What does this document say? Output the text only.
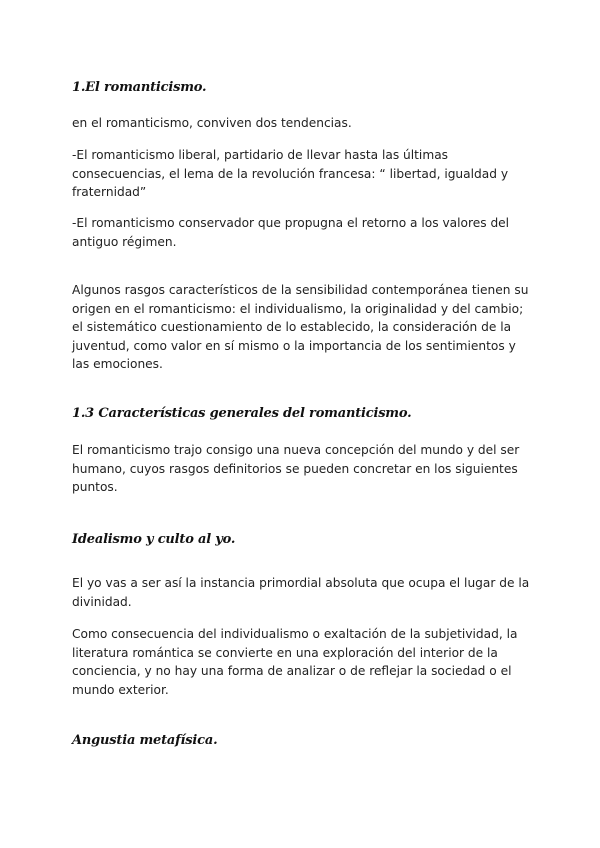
1.El romanticismo.

en el romanticismo, conviven dos tendencias.

-El romanticismo liberal, partidario de llevar hasta las últimas consecuencias, el lema de la revolución francesa: “ libertad, igualdad y fraternidad”

-El romanticismo conservador que propugna el retorno a los valores del antiguo régimen.

Algunos rasgos característicos de la sensibilidad contemporánea tienen su origen en el romanticismo: el individualismo, la originalidad y del cambio; el sistemático cuestionamiento de lo establecido, la consideración de la juventud, como valor en sí mismo o la importancia de los sentimientos y las emociones.

1.3 Características generales del romanticismo.

El romanticismo trajo consigo una nueva concepción del mundo y del ser humano, cuyos rasgos definitorios se pueden concretar en los siguientes puntos.

Idealismo y culto al yo.

El yo vas a ser así la instancia primordial absoluta que ocupa el lugar de la divinidad.

Como consecuencia del individualismo o exaltación de la subjetividad, la literatura romántica se convierte en una exploración del interior de la conciencia, y no hay una forma de analizar o de reflejar la sociedad o el mundo exterior.

Angustia metafísica.
